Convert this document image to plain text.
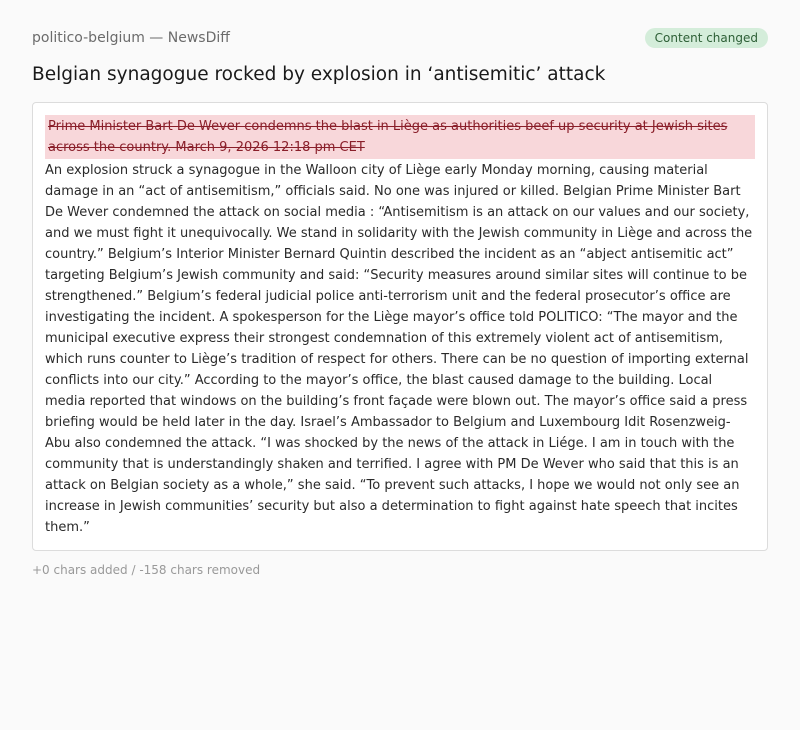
politico-belgium — NewsDiff	Content changed
Belgian synagogue rocked by explosion in ‘antisemitic’ attack
Prime Minister Bart De Wever condemns the blast in Liège as authorities beef up security at Jewish sites across the country. March 9, 2026 12:18 pm CET
An explosion struck a synagogue in the Walloon city of Liège early Monday morning, causing material damage in an “act of antisemitism,” officials said. No one was injured or killed. Belgian Prime Minister Bart De Wever condemned the attack on social media : “Antisemitism is an attack on our values and our society, and we must fight it unequivocally. We stand in solidarity with the Jewish community in Liège and across the country.” Belgium’s Interior Minister Bernard Quintin described the incident as an “abject antisemitic act” targeting Belgium’s Jewish community and said: “Security measures around similar sites will continue to be strengthened.” Belgium’s federal judicial police anti-terrorism unit and the federal prosecutor’s office are investigating the incident. A spokesperson for the Liège mayor’s office told POLITICO: “The mayor and the municipal executive express their strongest condemnation of this extremely violent act of antisemitism, which runs counter to Liège’s tradition of respect for others. There can be no question of importing external conflicts into our city.” According to the mayor’s office, the blast caused damage to the building. Local media reported that windows on the building’s front façade were blown out. The mayor’s office said a press briefing would be held later in the day. Israel’s Ambassador to Belgium and Luxembourg Idit Rosenzweig-Abu also condemned the attack. “I was shocked by the news of the attack in Liége. I am in touch with the community that is understandingly shaken and terrified. I agree with PM De Wever who said that this is an attack on Belgian society as a whole,” she said. “To prevent such attacks, I hope we would not only see an increase in Jewish communities’ security but also a determination to fight against hate speech that incites them.”
+0 chars added / -158 chars removed
